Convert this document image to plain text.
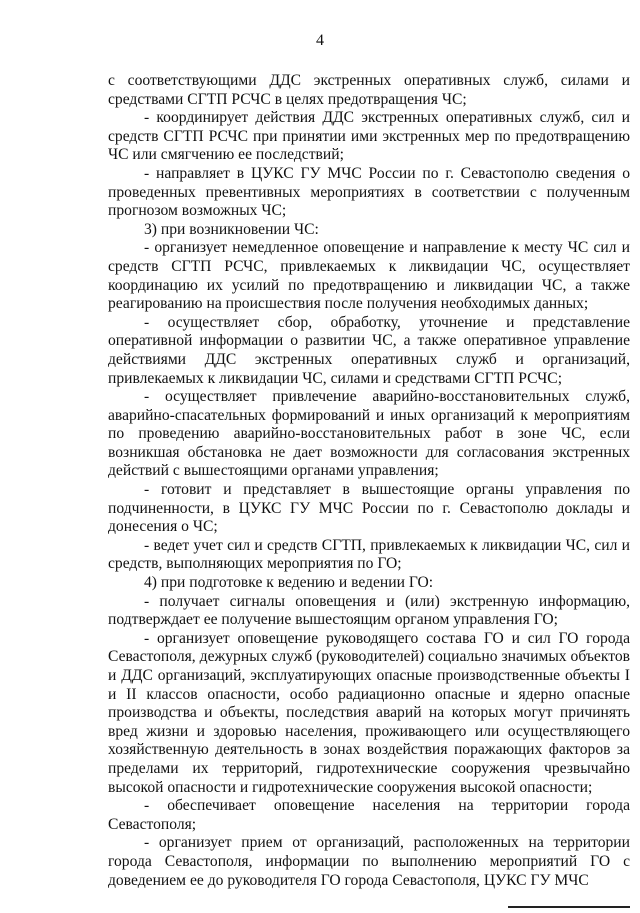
4

с соответствующими ДДС экстренных оперативных служб, силами и средствами СГТП РСЧС в целях предотвращения ЧС;

- координирует действия ДДС экстренных оперативных служб, сил и средств СГТП РСЧС при принятии ими экстренных мер по предотвращению ЧС или смягчению ее последствий;

- направляет в ЦУКС ГУ МЧС России по г. Севастополю сведения о проведенных превентивных мероприятиях в соответствии с полученным прогнозом возможных ЧС;

3) при возникновении ЧС:

- организует немедленное оповещение и направление к месту ЧС сил и средств СГТП РСЧС, привлекаемых к ликвидации ЧС, осуществляет координацию их усилий по предотвращению и ликвидации ЧС, а также реагированию на происшествия после получения необходимых данных;

- осуществляет сбор, обработку, уточнение и представление оперативной информации о развитии ЧС, а также оперативное управление действиями ДДС экстренных оперативных служб и организаций, привлекаемых к ликвидации ЧС, силами и средствами СГТП РСЧС;

- осуществляет привлечение аварийно-восстановительных служб, аварийно-спасательных формирований и иных организаций к мероприятиям по проведению аварийно-восстановительных работ в зоне ЧС, если возникшая обстановка не дает возможности для согласования экстренных действий с вышестоящими органами управления;

- готовит и представляет в вышестоящие органы управления по подчиненности, в ЦУКС ГУ МЧС России по г. Севастополю доклады и донесения о ЧС;

- ведет учет сил и средств СГТП, привлекаемых к ликвидации ЧС, сил и средств, выполняющих мероприятия по ГО;

4) при подготовке к ведению и ведении ГО:

- получает сигналы оповещения и (или) экстренную информацию, подтверждает ее получение вышестоящим органом управления ГО;

- организует оповещение руководящего состава ГО и сил ГО города Севастополя, дежурных служб (руководителей) социально значимых объектов и ДДС организаций, эксплуатирующих опасные производственные объекты I и II классов опасности, особо радиационно опасные и ядерно опасные производства и объекты, последствия аварий на которых могут причинять вред жизни и здоровью населения, проживающего или осуществляющего хозяйственную деятельность в зонах воздействия поражающих факторов за пределами их территорий, гидротехнические сооружения чрезвычайно высокой опасности и гидротехнические сооружения высокой опасности;

- обеспечивает оповещение населения на территории города Севастополя;

- организует прием от организаций, расположенных на территории города Севастополя, информации по выполнению мероприятий ГО с доведением ее до руководителя ГО города Севастополя, ЦУКС ГУ МЧС
